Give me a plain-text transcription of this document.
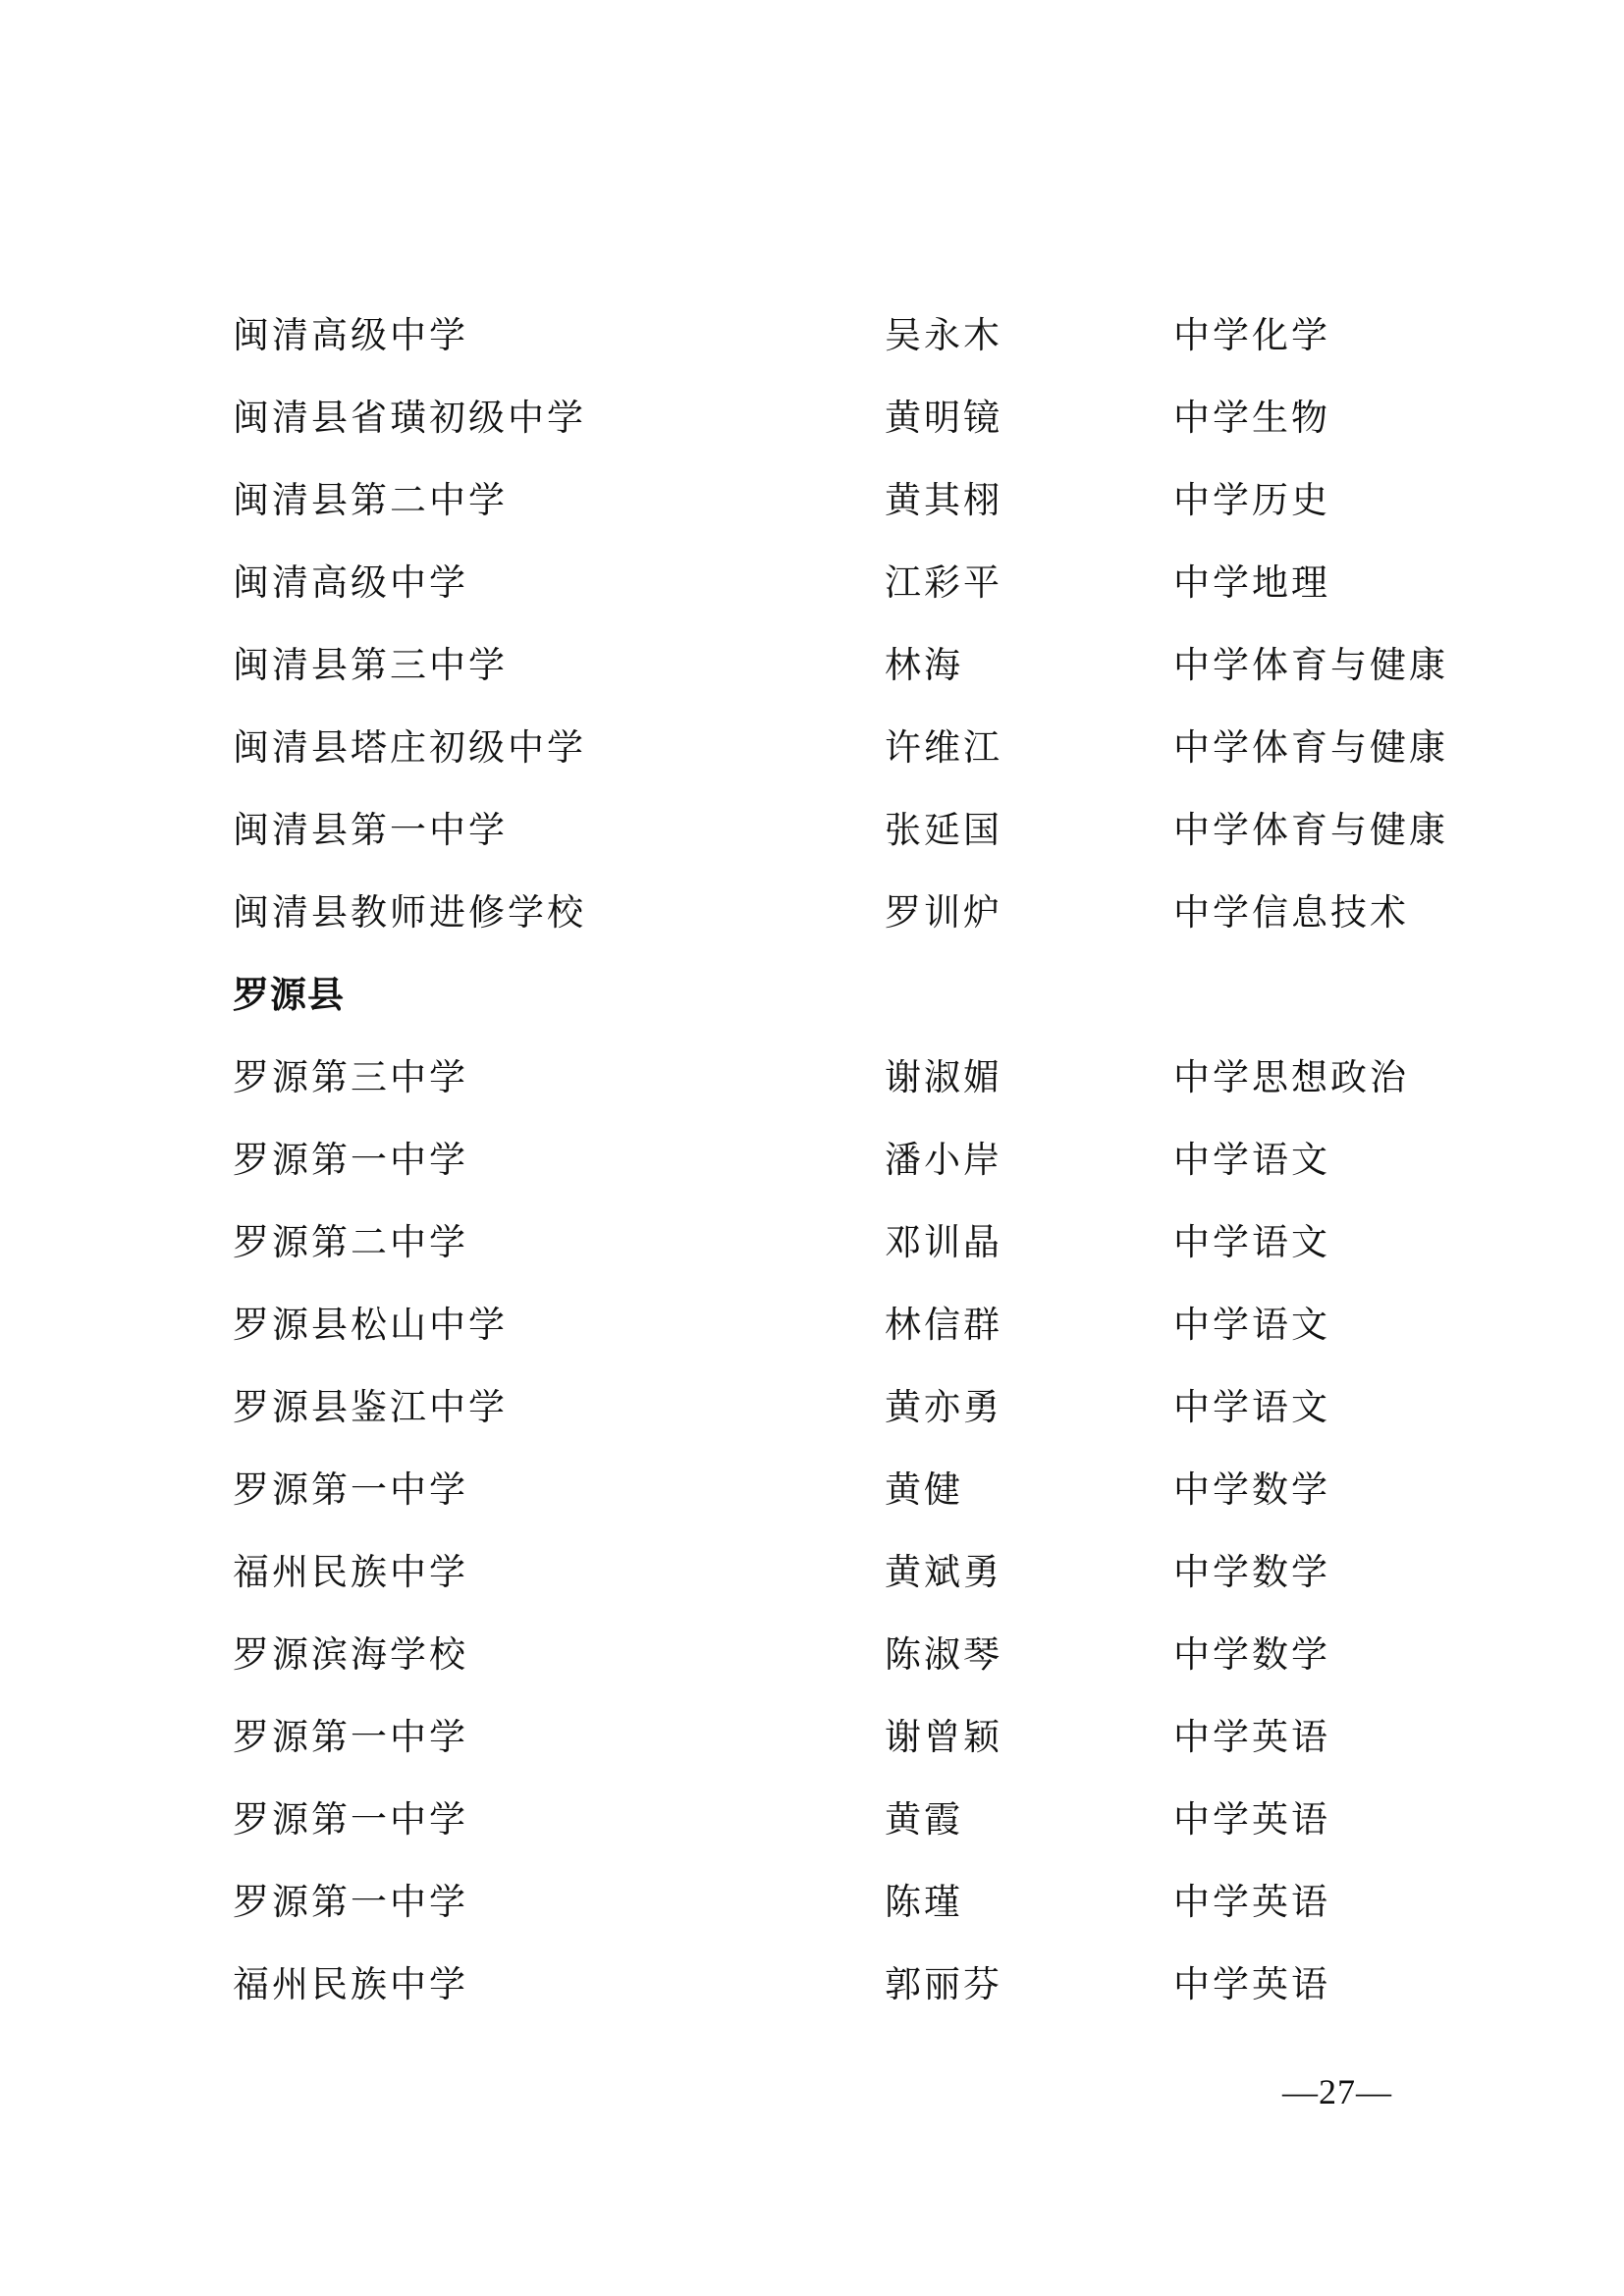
闽清高级中学	吴永木	中学化学
闽清县省璜初级中学	黄明镜	中学生物
闽清县第二中学	黄其栩	中学历史
闽清高级中学	江彩平	中学地理
闽清县第三中学	林海	中学体育与健康
闽清县塔庄初级中学	许维江	中学体育与健康
闽清县第一中学	张延国	中学体育与健康
闽清县教师进修学校	罗训炉	中学信息技术
罗源县
罗源第三中学	谢淑媚	中学思想政治
罗源第一中学	潘小岸	中学语文
罗源第二中学	邓训晶	中学语文
罗源县松山中学	林信群	中学语文
罗源县鉴江中学	黄亦勇	中学语文
罗源第一中学	黄健	中学数学
福州民族中学	黄斌勇	中学数学
罗源滨海学校	陈淑琴	中学数学
罗源第一中学	谢曾颖	中学英语
罗源第一中学	黄霞	中学英语
罗源第一中学	陈瑾	中学英语
福州民族中学	郭丽芬	中学英语
—27—
